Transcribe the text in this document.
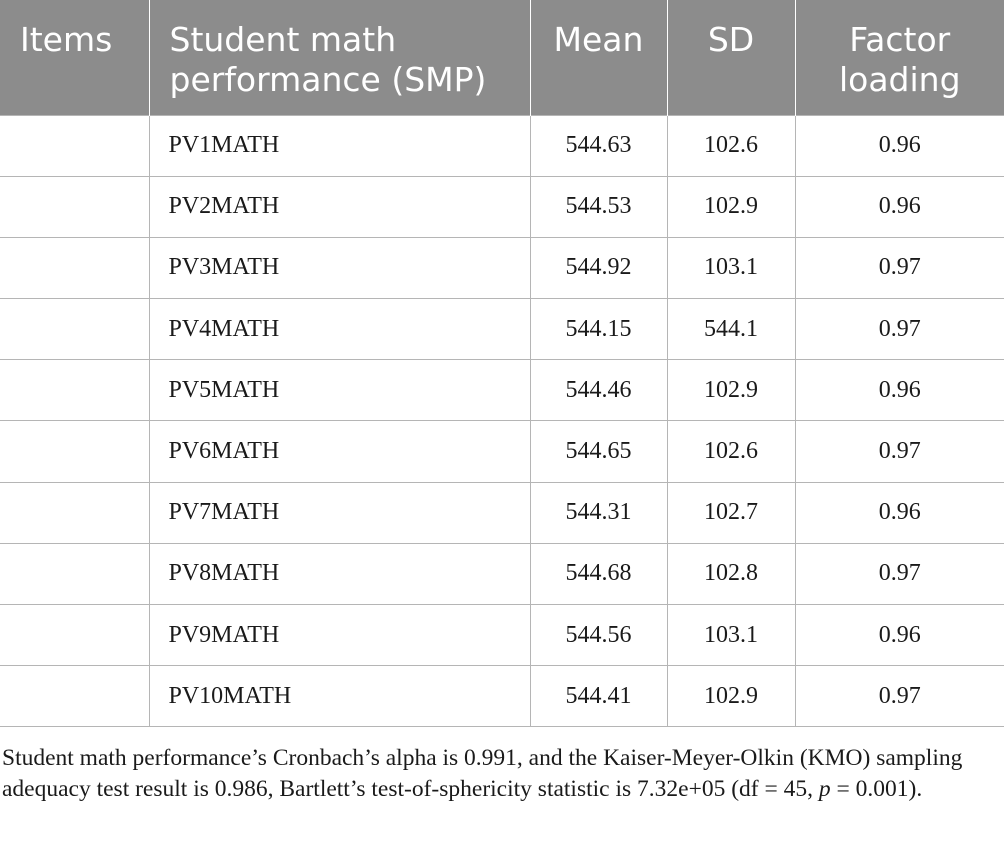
Items	Student math performance (SMP)	Mean	SD	Factor loading
	PV1MATH	544.63	102.6	0.96
	PV2MATH	544.53	102.9	0.96
	PV3MATH	544.92	103.1	0.97
	PV4MATH	544.15	544.1	0.97
	PV5MATH	544.46	102.9	0.96
	PV6MATH	544.65	102.6	0.97
	PV7MATH	544.31	102.7	0.96
	PV8MATH	544.68	102.8	0.97
	PV9MATH	544.56	103.1	0.96
	PV10MATH	544.41	102.9	0.97

Student math performance’s Cronbach’s alpha is 0.991, and the Kaiser-Meyer-Olkin (KMO) sampling adequacy test result is 0.986, Bartlett’s test-of-sphericity statistic is 7.32e+05 (df = 45, p = 0.001).
